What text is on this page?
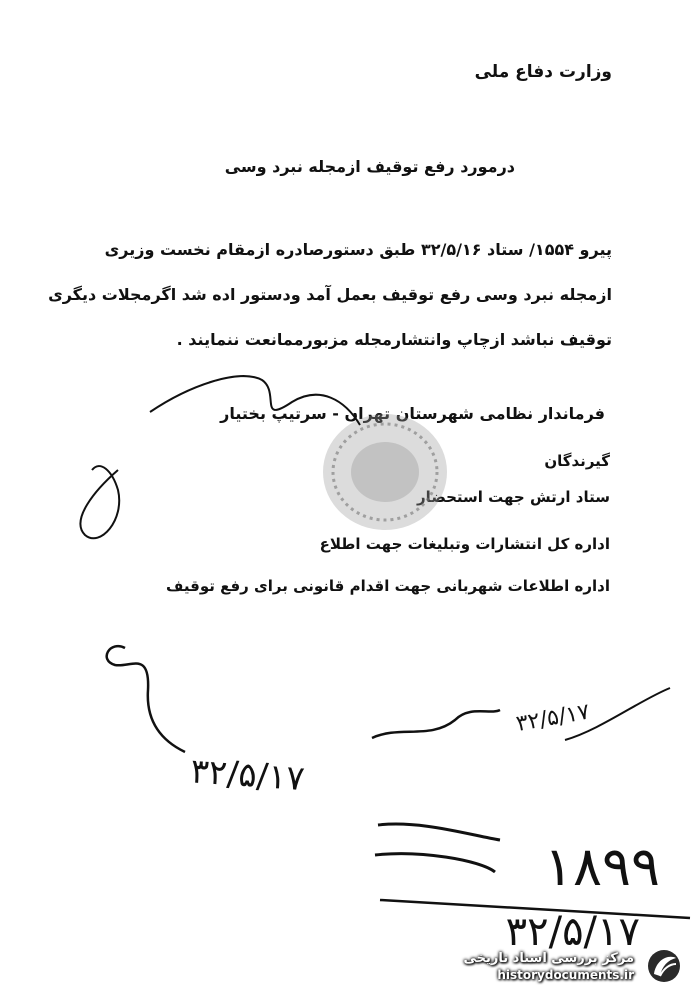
وزارت دفاع ملی
درمورد رفع توقیف ازمجله نبرد وسی
پیرو ۱۵۵۴/ ستاد ۳۲/۵/۱۶ طبق دستورصادره ازمقام نخست وزیری
ازمجله نبرد وسی رفع توقیف بعمل آمد ودستور اده شد اگرمجلات دیگری
توقیف نباشد ازچاپ وانتشارمجله مزبورممانعت ننمایند .
فرماندار نظامی شهرستان تهران - سرتیپ بختیار
گیرندگان
ستاد ارتش جهت استحضار
اداره کل انتشارات وتبلیغات جهت اطلاع
اداره اطلاعات شهربانی جهت اقدام قانونی برای رفع توقیف
۳۲/۵/۱۷
۳۲/۵/۱۷
۱۸۹۹
۳۲/۵/۱۷
مرکز بررسی اسناد تاریخی
historydocuments.ir
